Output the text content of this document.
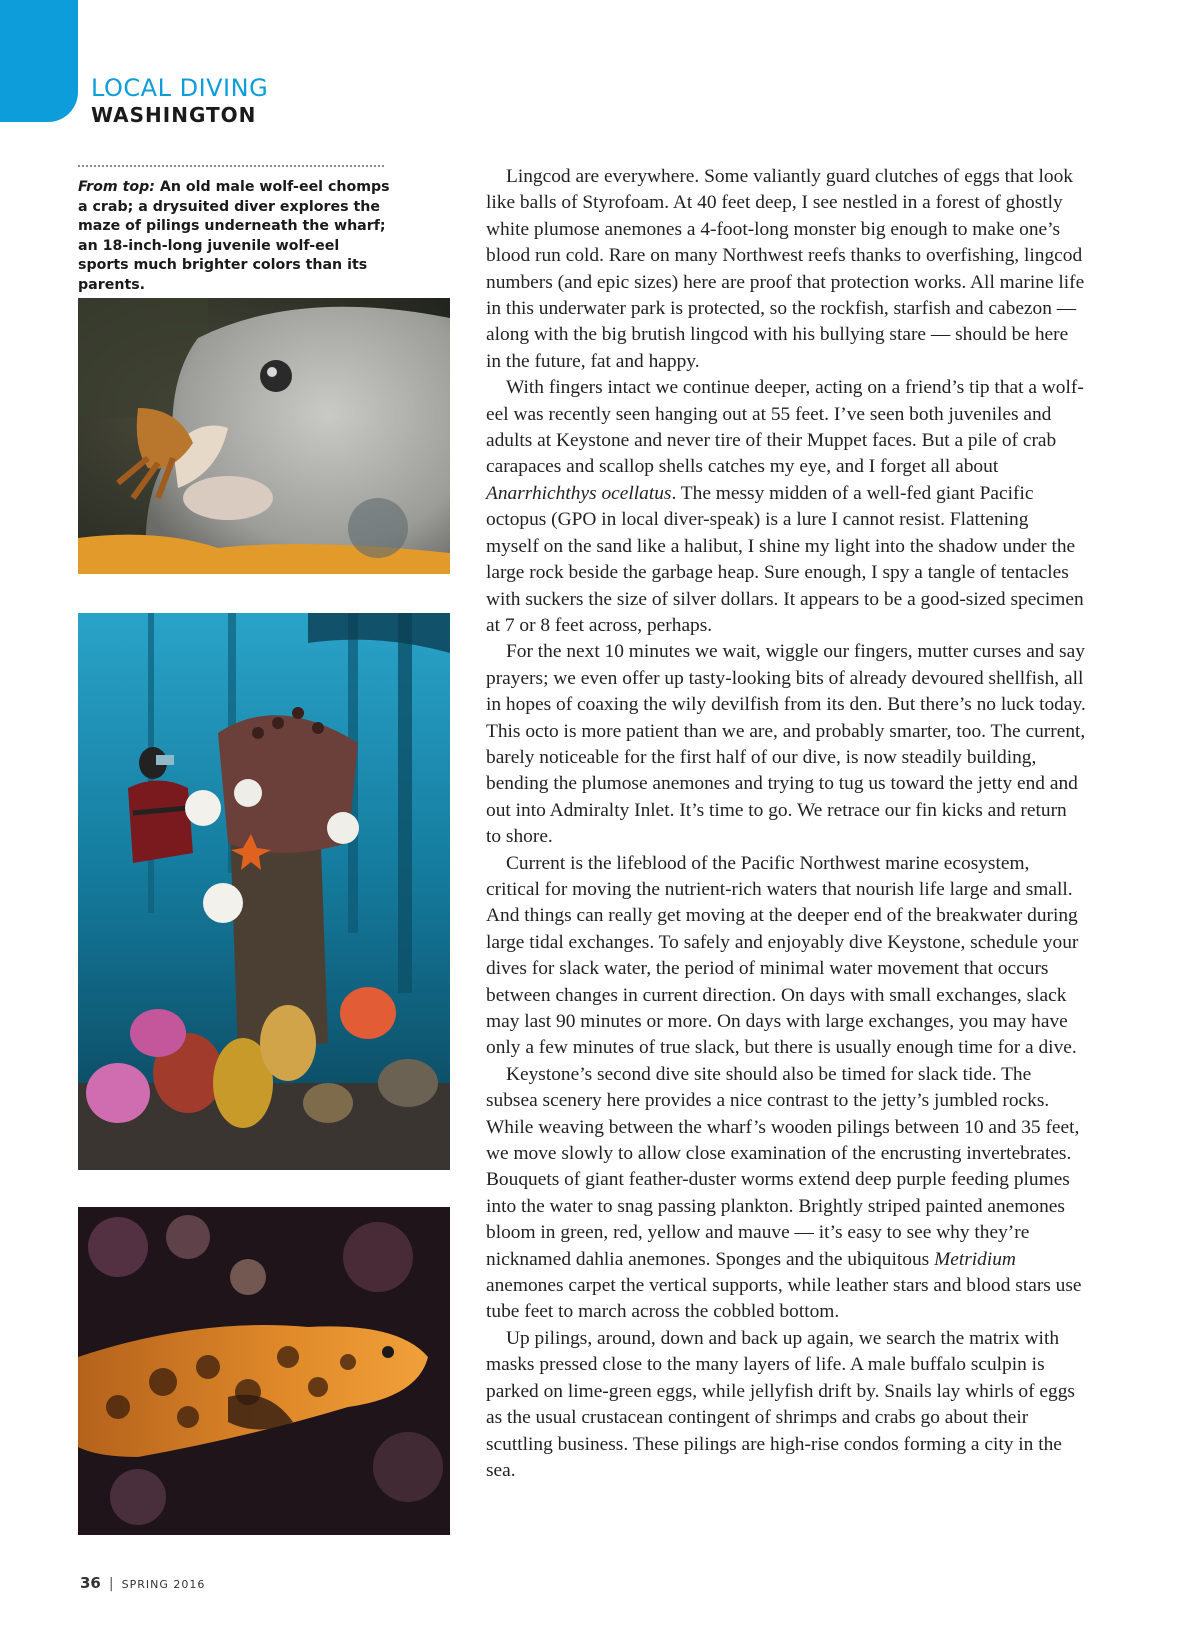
LOCAL DIVING
WASHINGTON
From top: An old male wolf-eel chomps a crab; a drysuited diver explores the maze of pilings underneath the wharf; an 18-inch-long juvenile wolf-eel sports much brighter colors than its parents.

Lingcod are everywhere. Some valiantly guard clutches of eggs that look like balls of Styrofoam. At 40 feet deep, I see nestled in a forest of ghostly white plumose anemones a 4-foot-long monster big enough to make one’s blood run cold. Rare on many Northwest reefs thanks to overfishing, lingcod numbers (and epic sizes) here are proof that protection works. All marine life in this underwater park is protected, so the rockfish, starfish and cabezon — along with the big brutish lingcod with his bullying stare — should be here in the future, fat and happy.

With fingers intact we continue deeper, acting on a friend’s tip that a wolf-eel was recently seen hanging out at 55 feet. I’ve seen both juveniles and adults at Keystone and never tire of their Muppet faces. But a pile of crab carapaces and scallop shells catches my eye, and I forget all about Anarrhichthys ocellatus. The messy midden of a well-fed giant Pacific octopus (GPO in local diver-speak) is a lure I cannot resist. Flattening myself on the sand like a halibut, I shine my light into the shadow under the large rock beside the garbage heap. Sure enough, I spy a tangle of tentacles with suckers the size of silver dollars. It appears to be a good-sized specimen at 7 or 8 feet across, perhaps.

For the next 10 minutes we wait, wiggle our fingers, mutter curses and say prayers; we even offer up tasty-looking bits of already devoured shellfish, all in hopes of coaxing the wily devilfish from its den. But there’s no luck today. This octo is more patient than we are, and probably smarter, too. The current, barely noticeable for the first half of our dive, is now steadily building, bending the plumose anemones and trying to tug us toward the jetty end and out into Admiralty Inlet. It’s time to go. We retrace our fin kicks and return to shore.

Current is the lifeblood of the Pacific Northwest marine ecosystem, critical for moving the nutrient-rich waters that nourish life large and small. And things can really get moving at the deeper end of the breakwater during large tidal exchanges. To safely and enjoyably dive Keystone, schedule your dives for slack water, the period of minimal water movement that occurs between changes in current direction. On days with small exchanges, slack may last 90 minutes or more. On days with large exchanges, you may have only a few minutes of true slack, but there is usually enough time for a dive.

Keystone’s second dive site should also be timed for slack tide. The subsea scenery here provides a nice contrast to the jetty’s jumbled rocks. While weaving between the wharf’s wooden pilings between 10 and 35 feet, we move slowly to allow close examination of the encrusting invertebrates. Bouquets of giant feather-duster worms extend deep purple feeding plumes into the water to snag passing plankton. Brightly striped painted anemones bloom in green, red, yellow and mauve — it’s easy to see why they’re nicknamed dahlia anemones. Sponges and the ubiquitous Metridium anemones carpet the vertical supports, while leather stars and blood stars use tube feet to march across the cobbled bottom.

Up pilings, around, down and back up again, we search the matrix with masks pressed close to the many layers of life. A male buffalo sculpin is parked on lime-green eggs, while jellyfish drift by. Snails lay whirls of eggs as the usual crustacean contingent of shrimps and crabs go about their scuttling business. These pilings are high-rise condos forming a city in the sea.

36 | SPRING 2016
